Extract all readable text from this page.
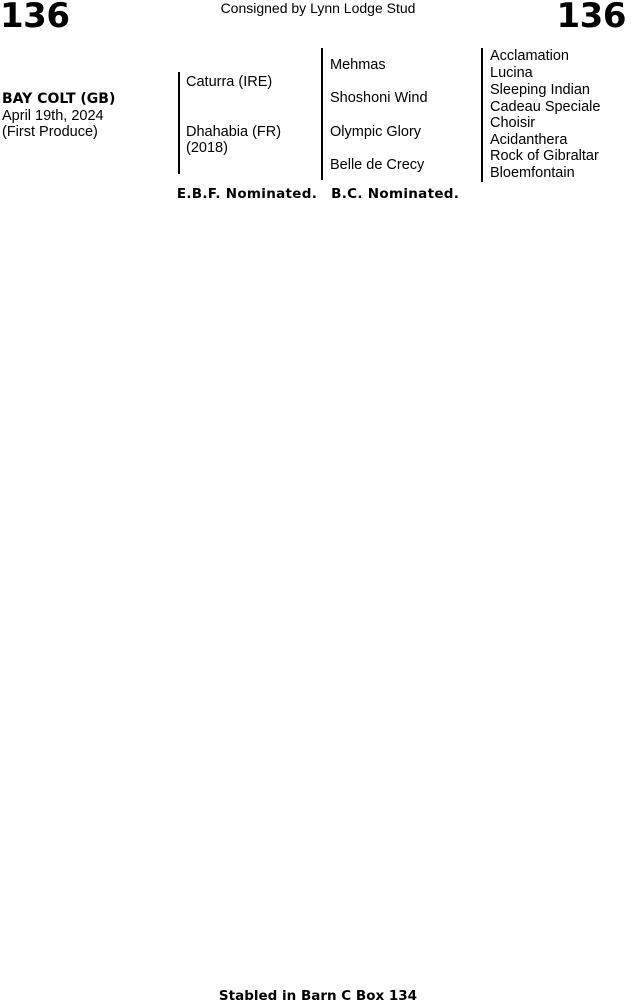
136	Consigned by Lynn Lodge Stud	136
BAY COLT (GB)
April 19th, 2024
(First Produce)
Caturra (IRE)
Dhahabia (FR)
(2018)
Mehmas
Shoshoni Wind
Olympic Glory
Belle de Crecy
Acclamation
Lucina
Sleeping Indian
Cadeau Speciale
Choisir
Acidanthera
Rock of Gibraltar
Bloemfontain
E.B.F. Nominated. B.C. Nominated.
Stabled in Barn C Box 134
